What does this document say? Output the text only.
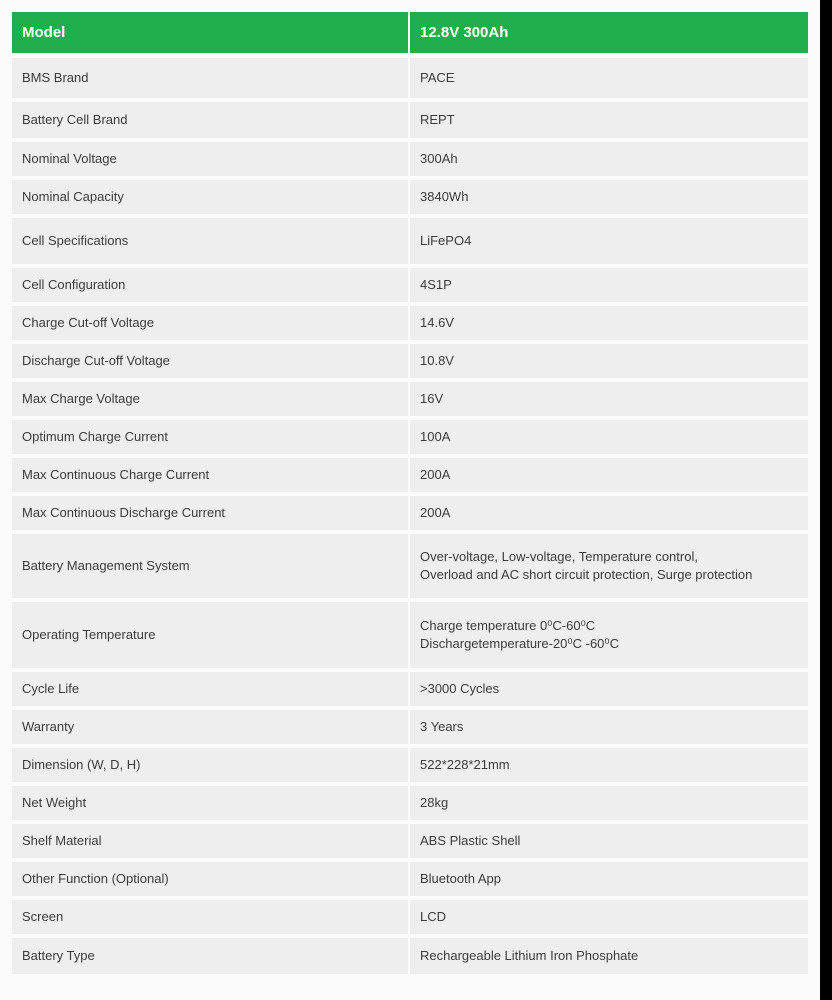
Model	12.8V 300Ah
BMS Brand	PACE
Battery Cell Brand	REPT
Nominal Voltage	300Ah
Nominal Capacity	3840Wh
Cell Specifications	LiFePO4
Cell Configuration	4S1P
Charge Cut-off Voltage	14.6V
Discharge Cut-off Voltage	10.8V
Max Charge Voltage	16V
Optimum Charge Current	100A
Max Continuous Charge Current	200A
Max Continuous Discharge Current	200A
Battery Management System	Over-voltage, Low-voltage, Temperature control,
Overload and AC short circuit protection, Surge protection

Operating Temperature	Charge temperature 0⁰C-60⁰C
Dischargetemperature-20⁰C -60⁰C

Cycle Life	>3000 Cycles
Warranty	3 Years
Dimension (W, D, H)	522*228*21mm
Net Weight	28kg
Shelf Material	ABS Plastic Shell
Other Function (Optional)	Bluetooth App
Screen	LCD
Battery Type	Rechargeable Lithium Iron Phosphate
